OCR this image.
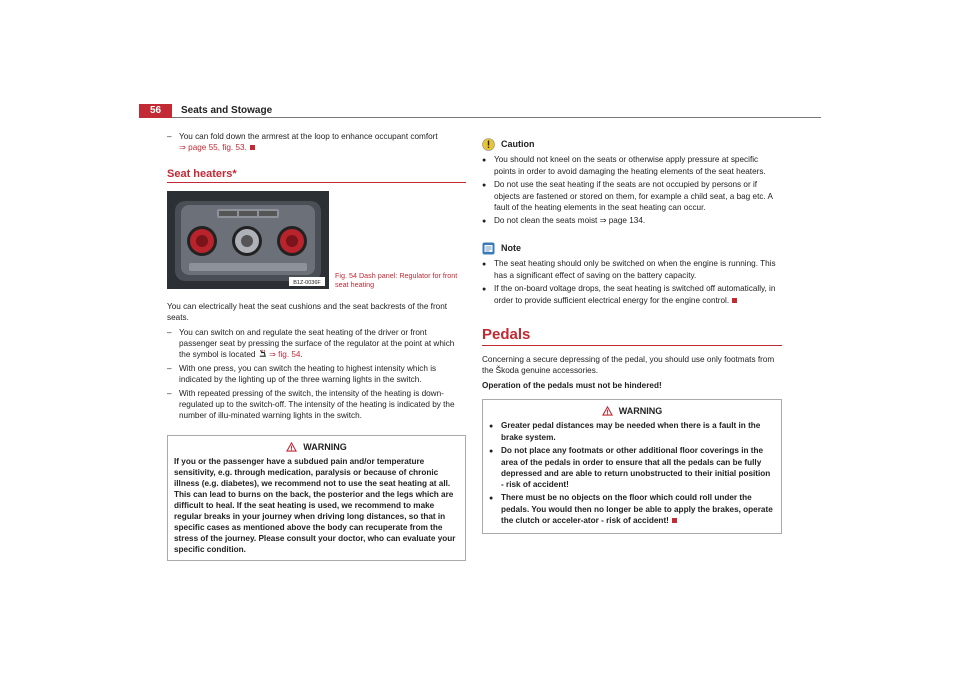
56	Seats and Stowage
– You can fold down the armrest at the loop to enhance occupant comfort
⇒ page 55, fig. 53.
Seat heaters*
B1Z-0036F
Fig. 54 Dash panel: Regulator for front seat heating

You can electrically heat the seat cushions and the seat backrests of the front seats.

– You can switch on and regulate the seat heating of the driver or front passenger seat by pressing the surface of the regulator at the point at which the symbol is located ⇒ fig. 54.
– With one press, you can switch the heating to highest intensity which is indicated by the lighting up of the three warning lights in the switch.
– With repeated pressing of the switch, the intensity of the heating is down-regulated up to the switch-off. The intensity of the heating is indicated by the number of illu-minated warning lights in the switch.
WARNING
If you or the passenger have a subdued pain and/or temperature sensitivity, e.g. through medication, paralysis or because of chronic illness (e.g. diabetes), we recommend not to use the seat heating at all. This can lead to burns on the back, the posterior and the legs which are difficult to heal. If the seat heating is used, we recommend to make regular breaks in your journey when driving long distances, so that in specific cases as mentioned above the body can recuperate from the stress of the journey. Please consult your doctor, who can evaluate your specific condition.
Caution
● You should not kneel on the seats or otherwise apply pressure at specific points in order to avoid damaging the heating elements of the seat heaters.
● Do not use the seat heating if the seats are not occupied by persons or if objects are fastened or stored on them, for example a child seat, a bag etc. A fault of the heating elements in the seat heating can occur.
● Do not clean the seats moist ⇒ page 134.
Note
● The seat heating should only be switched on when the engine is running. This has a significant effect of saving on the battery capacity.
● If the on-board voltage drops, the seat heating is switched off automatically, in order to provide sufficient electrical energy for the engine control.
Pedals

Concerning a secure depressing of the pedal, you should use only footmats from the Škoda genuine accessories.

Operation of the pedals must not be hindered!

WARNING
● Greater pedal distances may be needed when there is a fault in the brake system.
● Do not place any footmats or other additional floor coverings in the area of the pedals in order to ensure that all the pedals can be fully depressed and are able to return unobstructed to their initial position - risk of accident!
● There must be no objects on the floor which could roll under the pedals. You would then no longer be able to apply the brakes, operate the clutch or acceler-ator - risk of accident!
